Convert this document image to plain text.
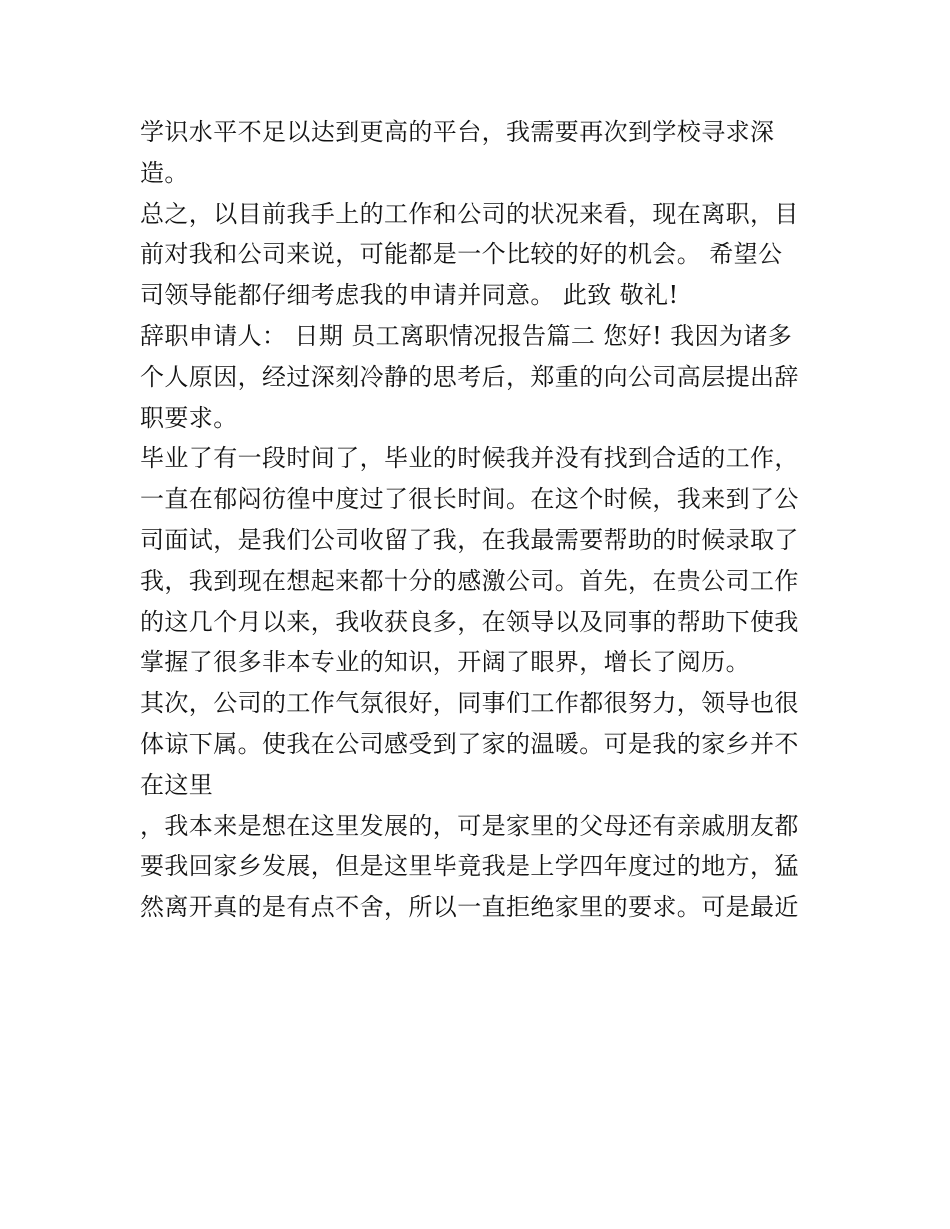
学识水平不足以达到更高的平台，我需要再次到学校寻求深
造。

总之，以目前我手上的工作和公司的状况来看，现在离职，目
前对我和公司来说，可能都是一个比较的好的机会。 希望公
司领导能都仔细考虑我的申请并同意。 此致 敬礼!

辞职申请人： 日期 员工离职情况报告篇二 您好! 我因为诸多
个人原因，经过深刻冷静的思考后，郑重的向公司高层提出辞
职要求。

毕业了有一段时间了，毕业的时候我并没有找到合适的工作，
一直在郁闷彷徨中度过了很长时间。在这个时候，我来到了公
司面试，是我们公司收留了我，在我最需要帮助的时候录取了
我，我到现在想起来都十分的感激公司。首先，在贵公司工作
的这几个月以来，我收获良多，在领导以及同事的帮助下使我
掌握了很多非本专业的知识，开阔了眼界，增长了阅历。

其次，公司的工作气氛很好，同事们工作都很努力，领导也很
体谅下属。使我在公司感受到了家的温暖。可是我的家乡并不
在这里

，我本来是想在这里发展的，可是家里的父母还有亲戚朋友都
要我回家乡发展，但是这里毕竟我是上学四年度过的地方，猛
然离开真的是有点不舍，所以一直拒绝家里的要求。可是最近
